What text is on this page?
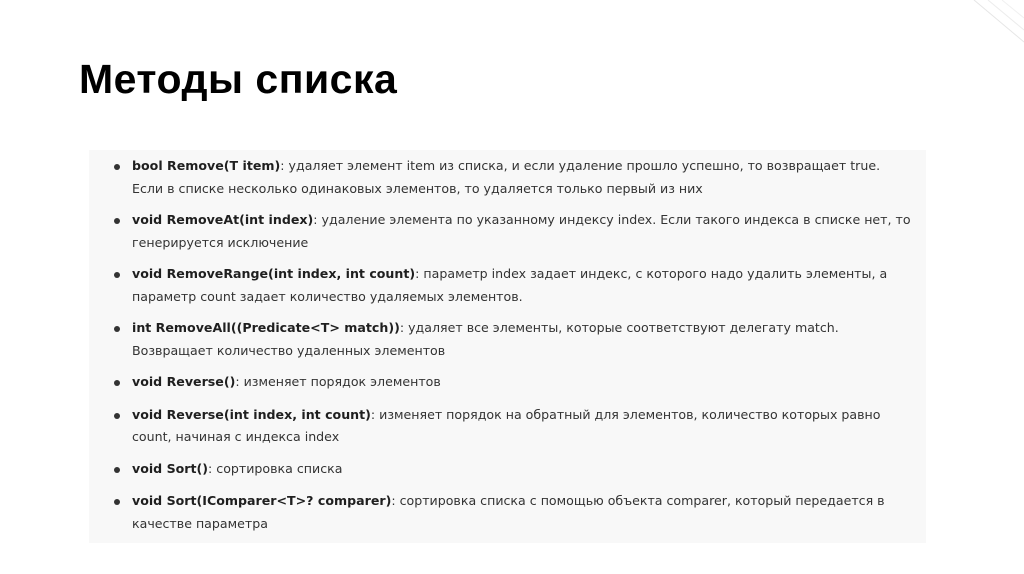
Методы списка
bool Remove(T item): удаляет элемент item из списка, и если удаление прошло успешно, то возвращает true. Если в списке несколько одинаковых элементов, то удаляется только первый из них
void RemoveAt(int index): удаление элемента по указанному индексу index. Если такого индекса в списке нет, то генерируется исключение
void RemoveRange(int index, int count): параметр index задает индекс, с которого надо удалить элементы, а параметр count задает количество удаляемых элементов.
int RemoveAll((Predicate<T> match)): удаляет все элементы, которые соответствуют делегату match. Возвращает количество удаленных элементов
void Reverse(): изменяет порядок элементов
void Reverse(int index, int count): изменяет порядок на обратный для элементов, количество которых равно count, начиная с индекса index
void Sort(): сортировка списка
void Sort(IComparer<T>? comparer): сортировка списка с помощью объекта comparer, который передается в качестве параметра
